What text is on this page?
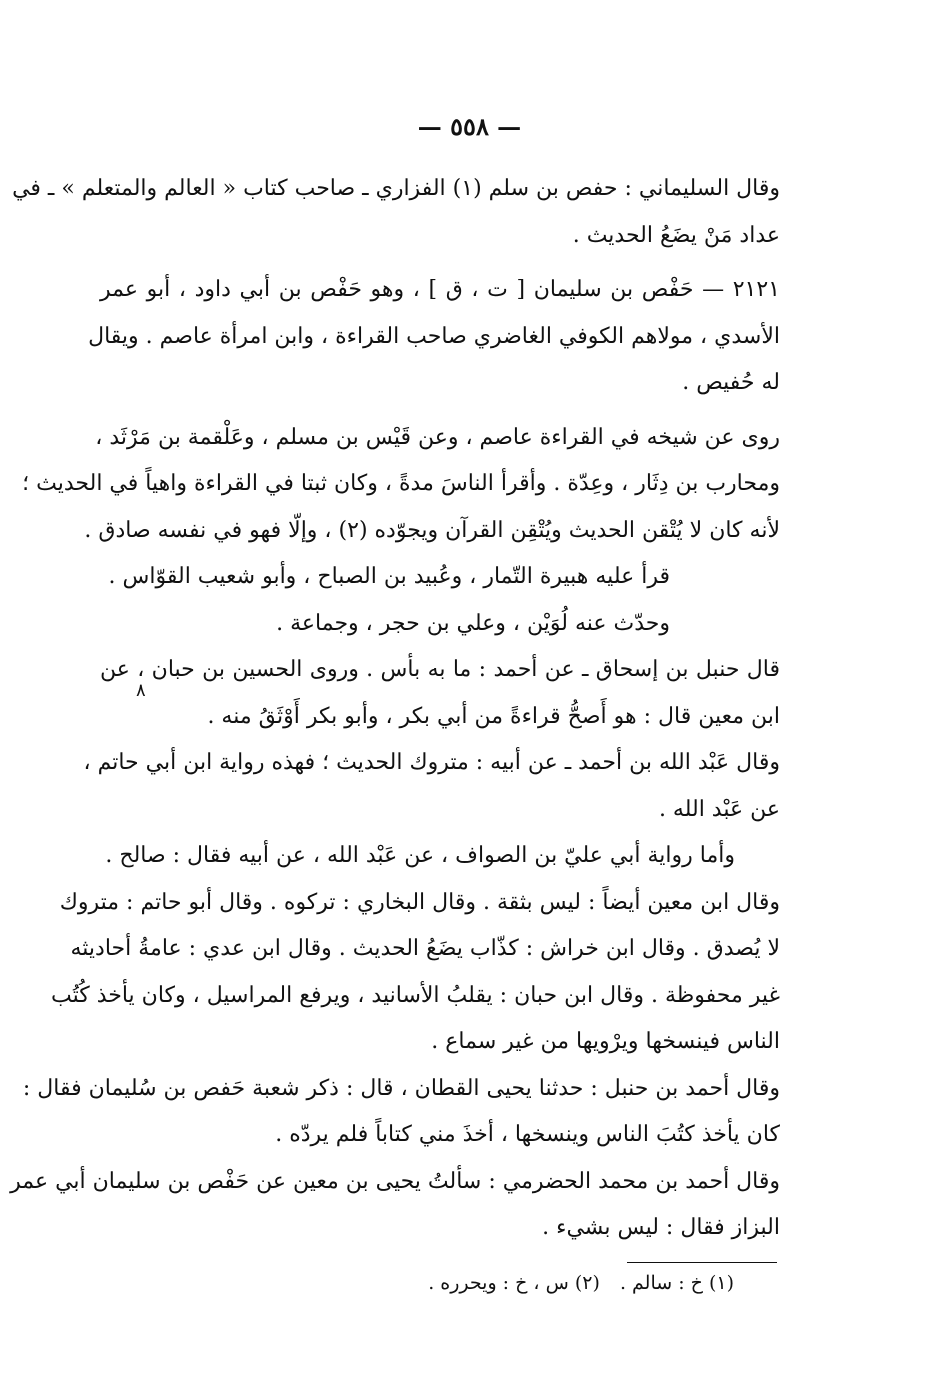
— ٥٥٨ —
وقال السليماني : حفص بن سلم (١) الفزاري ـ صاحب كتاب « العالم والمتعلم » ـ في
عداد مَنْ يضَعُ الحديث .
٢١٢١ — حَفْص بن سليمان [ ت ، ق ] ، وهو حَفْص بن أبي داود ، أبو عمر
الأسدي ، مولاهم الكوفي الغاضري صاحب القراءة ، وابن امرأة عاصم . ويقال
له حُفيص .
روى عن شيخه في القراءة عاصم ، وعن قَيْس بن مسلم ، وعَلْقمة بن مَرْثَد ،
ومحارب بن دِثَار ، وعِدّة . وأقرأ الناسَ مدةً ، وكان ثبتا في القراءة واهياً في الحديث ؛
لأنه كان لا يُتْقن الحديث ويُتْقِن القرآن ويجوّده (٢) ، وإلّا فهو في نفسه صادق .
قرأ عليه هبيرة التّمار ، وعُبيد بن الصباح ، وأبو شعيب القوّاس .
وحدّث عنه لُوَيْن ، وعلي بن حجر ، وجماعة .
قال حنبل بن إسحاق ـ عن أحمد : ما به بأس . وروى الحسين بن حبان ، عن
ابن معين قال : هو أَصحُّ قراءةً من أبي بكر ، وأبو بكر أَوْثَقُ منه .
وقال عَبْد الله بن أحمد ـ عن أبيه : متروك الحديث ؛ فهذه رواية ابن أبي حاتم ،
عن عَبْد الله .
وأما رواية أبي عليّ بن الصواف ، عن عَبْد الله ، عن أبيه فقال : صالح .
وقال ابن معين أيضاً : ليس بثقة . وقال البخاري : تركوه . وقال أبو حاتم : متروك
لا يُصدق . وقال ابن خراش : كذّاب يضَعُ الحديث . وقال ابن عدي : عامةُ أحاديثه
غير محفوظة . وقال ابن حبان : يقلبُ الأسانيد ، ويرفع المراسيل ، وكان يأخذ كُتُب
الناس فينسخها ويرْويها من غير سماع .
وقال أحمد بن حنبل : حدثنا يحيى القطان ، قال : ذكر شعبة حَفص بن سُليمان فقال :
كان يأخذ كتُبَ الناس وينسخها ، أخذَ مني كتاباً فلم يردّه .
وقال أحمد بن محمد الحضرمي : سألتُ يحيى بن معين عن حَفْص بن سليمان أبي عمر
البزاز فقال : ليس بشيء .
٨
(١) خ : سالم . (٢) س ، خ : ويحرره .
